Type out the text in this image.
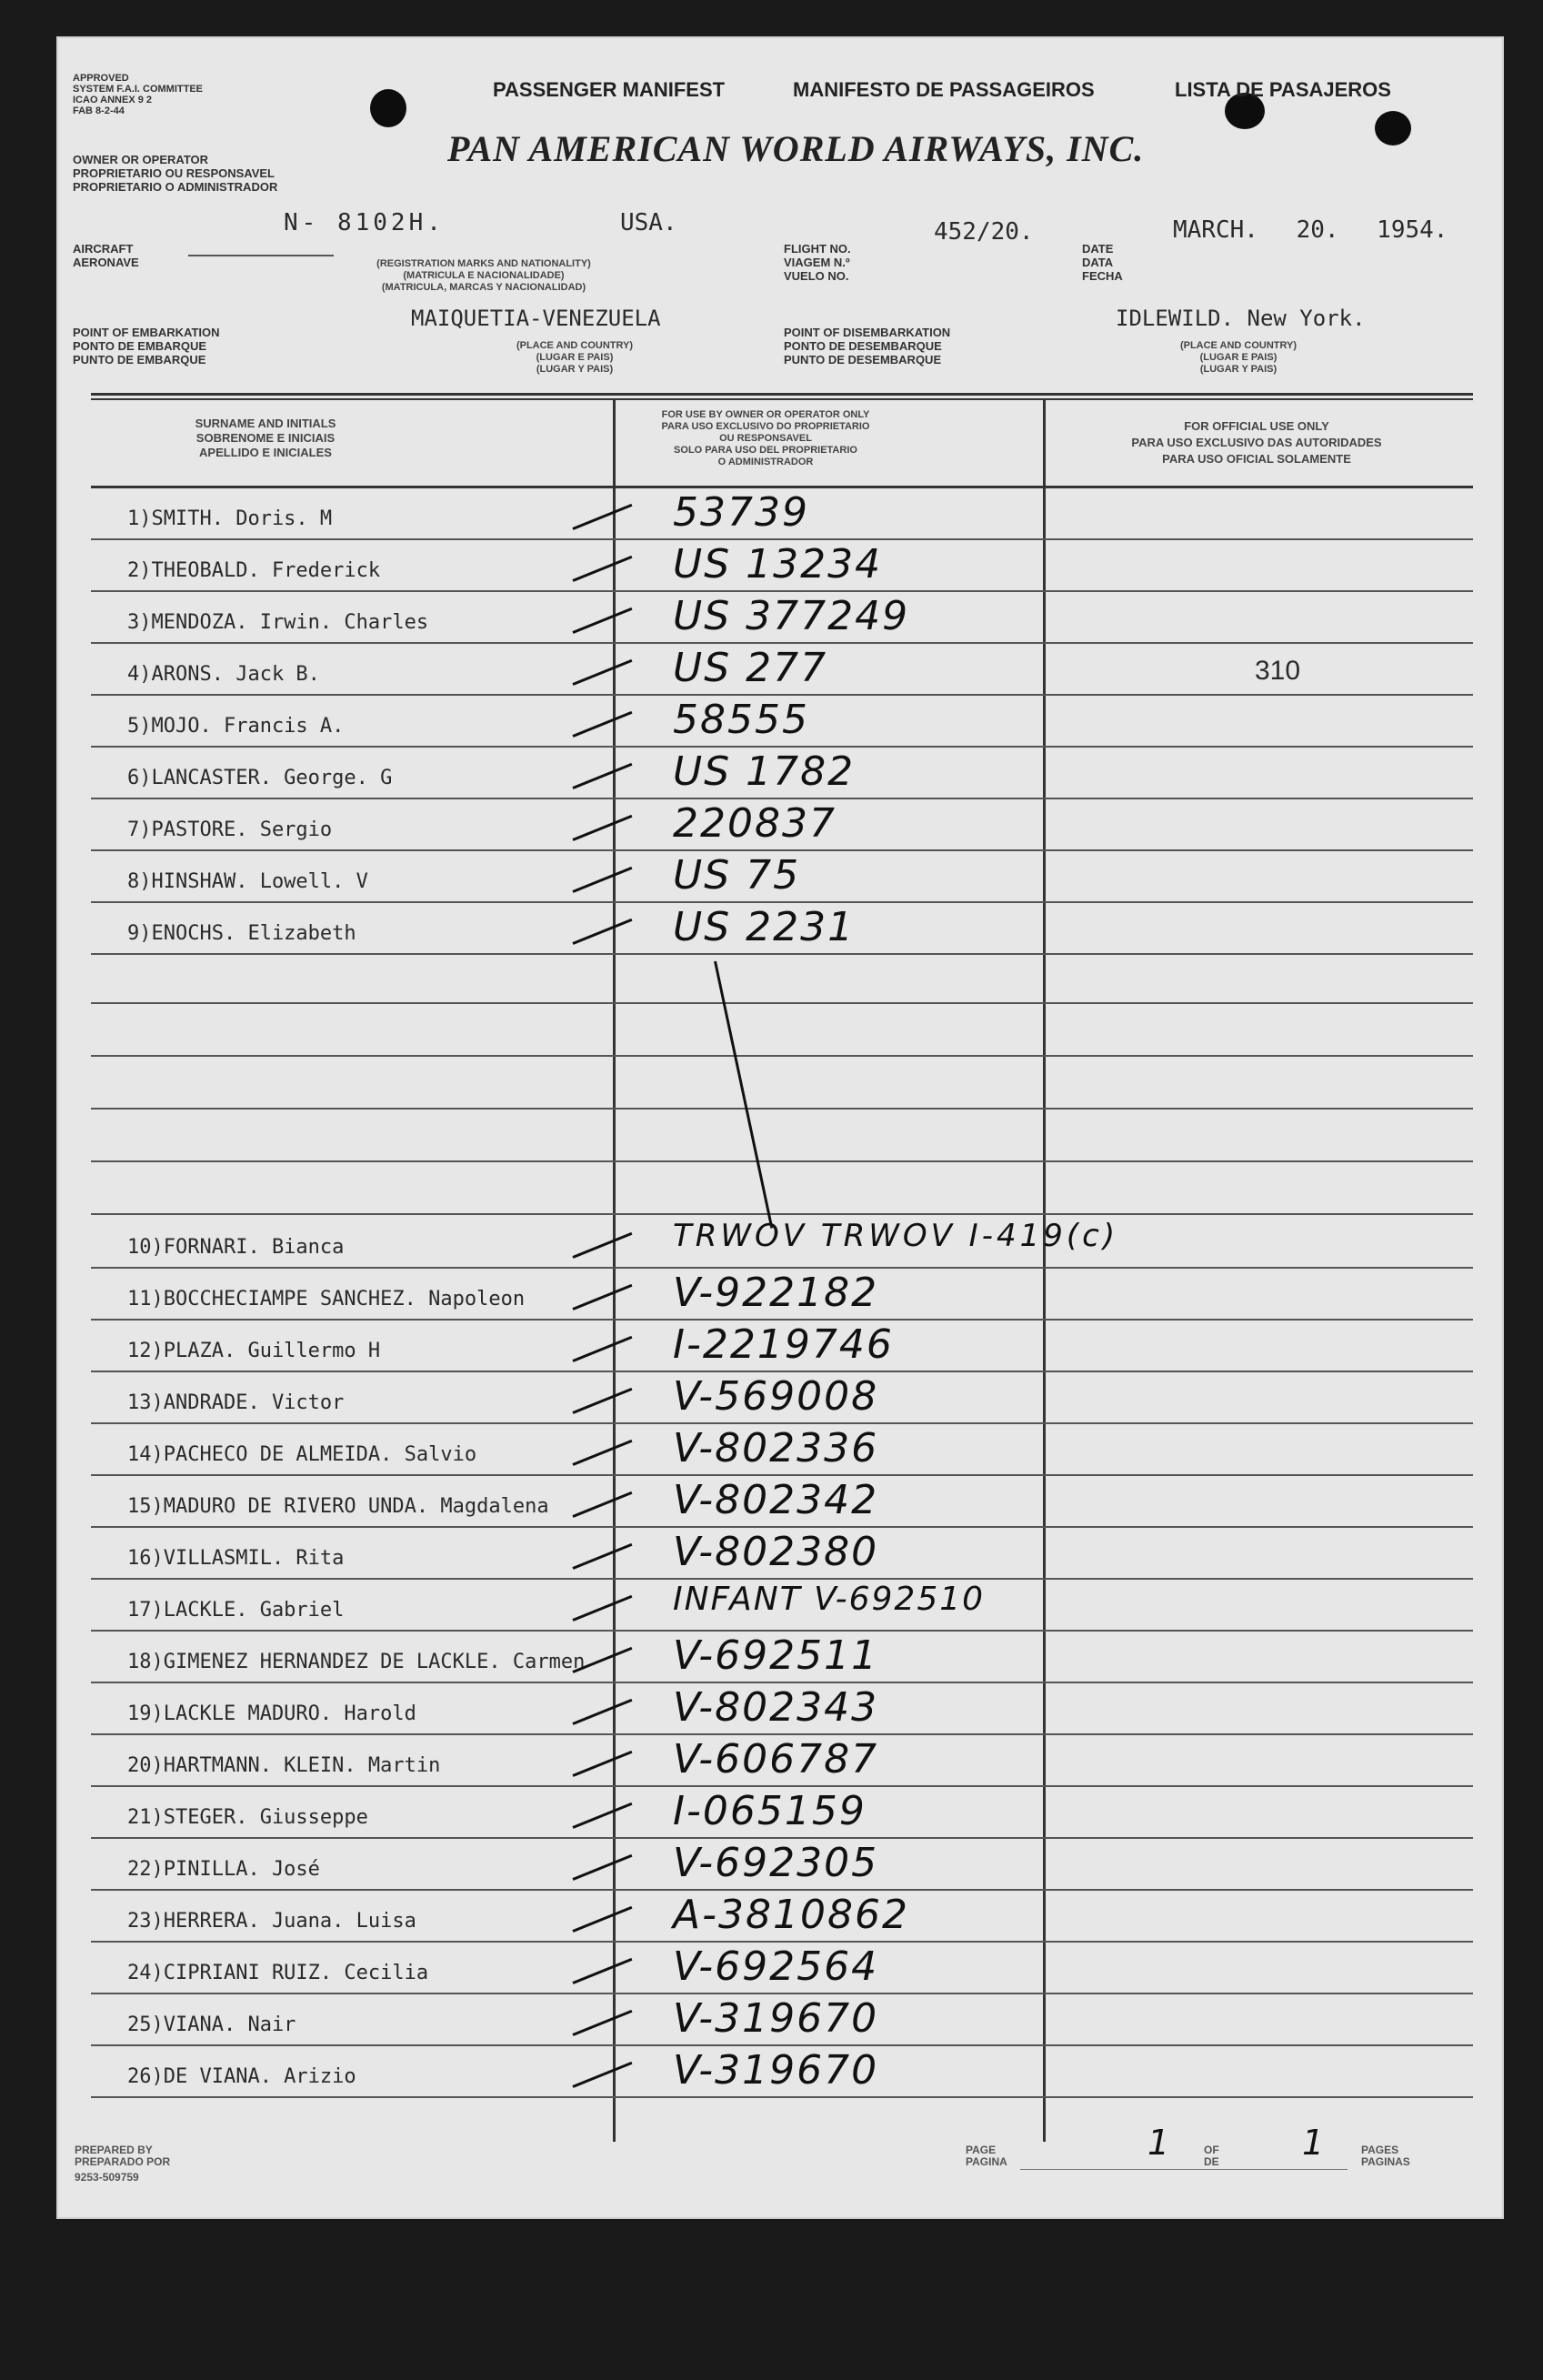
APPROVED
SYSTEM F.A.I. COMMITTEE
ICAO ANNEX 9 2
FAB 8-2-44
PASSENGER MANIFEST	MANIFESTO DE PASSAGEIROS	LISTA DE PASAJEROS
OWNER OR OPERATOR
PROPRIETARIO OU RESPONSAVEL
PROPRIETARIO O ADMINISTRADOR
PAN AMERICAN WORLD AIRWAYS, INC.
AIRCRAFT
AERONAVE
N- 8102H.	USA.
(REGISTRATION MARKS AND NATIONALITY)
(MATRICULA E NACIONALIDADE)
(MATRICULA, MARCAS Y NACIONALIDAD)
FLIGHT NO.
VIAGEM N.º
VUELO NO.
452/20.
DATE
DATA
FECHA
MARCH. 20. 1954.
POINT OF EMBARKATION
PONTO DE EMBARQUE
PUNTO DE EMBARQUE
MAIQUETIA-VENEZUELA
(PLACE AND COUNTRY)
(LUGAR E PAIS)
(LUGAR Y PAIS)
POINT OF DISEMBARKATION
PONTO DE DESEMBARQUE
PUNTO DE DESEMBARQUE
IDLEWILD. New York.
(PLACE AND COUNTRY)
(LUGAR E PAIS)
(LUGAR Y PAIS)
SURNAME AND INITIALS
SOBRENOME E INICIAIS
APELLIDO E INICIALES
FOR USE BY OWNER OR OPERATOR ONLY
PARA USO EXCLUSIVO DO PROPRIETARIO
OU RESPONSAVEL
SOLO PARA USO DEL PROPRIETARIO
O ADMINISTRADOR
FOR OFFICIAL USE ONLY
PARA USO EXCLUSIVO DAS AUTORIDADES
PARA USO OFICIAL SOLAMENTE
1)SMITH. Doris. M	53739
2)THEOBALD. Frederick	US 13234
3)MENDOZA. Irwin. Charles	US 377249
4)ARONS. Jack B.	US 277	310
5)MOJO. Francis A.	58555
6)LANCASTER. George. G	US 1782
7)PASTORE. Sergio	220837
8)HINSHAW. Lowell. V	US 75
9)ENOCHS. Elizabeth	US 2231
10)FORNARI. Bianca	TRWOV TRWOV I-419(c)
11)BOCCHECIAMPE SANCHEZ. Napoleon	V-922182
12)PLAZA. Guillermo H	I-2219746
13)ANDRADE. Victor	V-569008
14)PACHECO DE ALMEIDA. Salvio	V-802336
15)MADURO DE RIVERO UNDA. Magdalena	V-802342
16)VILLASMIL. Rita	V-802380
17)LACKLE. Gabriel	INFANT V-692510
18)GIMENEZ HERNANDEZ DE LACKLE. Carmen V-692511
19)LACKLE MADURO. Harold	V-802343
20)HARTMANN. KLEIN. Martin	V-606787
21)STEGER. Giusseppe	I-065159
22)PINILLA. José	V-692305
23)HERRERA. Juana. Luisa	A-3810862
24)CIPRIANI RUIZ. Cecilia	V-692564
25)VIANA. Nair	V-319670
26)DE VIANA. Arizio	V-319670
PREPARED BY
PREPARADO POR
9253-509759
PAGE
PAGINA	1	OF
DE 1	PAGES
PAGINAS
